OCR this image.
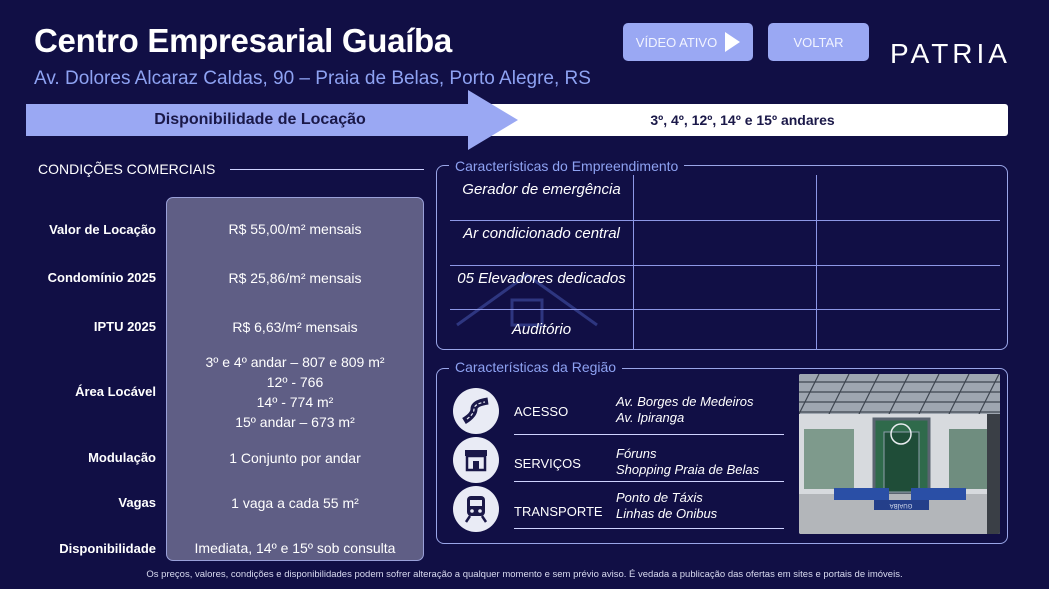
Centro Empresarial Guaíba
Av. Dolores Alcaraz Caldas, 90 – Praia de Belas, Porto Alegre, RS
VÍDEO ATIVO	VOLTAR	PATRIA
Disponibilidade de Locação	3º, 4º, 12º, 14º e 15º andares
CONDIÇÕES COMERCIAIS
Valor de Locação	R$ 55,00/m² mensais
Condomínio 2025	R$ 25,86/m² mensais
IPTU 2025	R$ 6,63/m² mensais
Área Locável
3º e 4º andar – 807 e 809 m²
12º - 766
14º - 774 m²
15º andar – 673 m²
Modulação	1 Conjunto por andar
Vagas	1 vaga a cada 55 m²
Disponibilidade	Imediata, 14º e 15º sob consulta
Características do Empreendimento
Gerador de emergência
Ar condicionado central
05 Elevadores dedicados
Auditório
Características da Região
ACESSO
Av. Borges de Medeiros
Av. Ipiranga
SERVIÇOS
Fóruns
Shopping Praia de Belas
TRANSPORTE
Ponto de Táxis
Linhas de Onibus
GUAÍBA
Os preços, valores, condições e disponibilidades podem sofrer alteração a qualquer momento e sem prévio aviso. É vedada a publicação das ofertas em sites e portais de imóveis.
